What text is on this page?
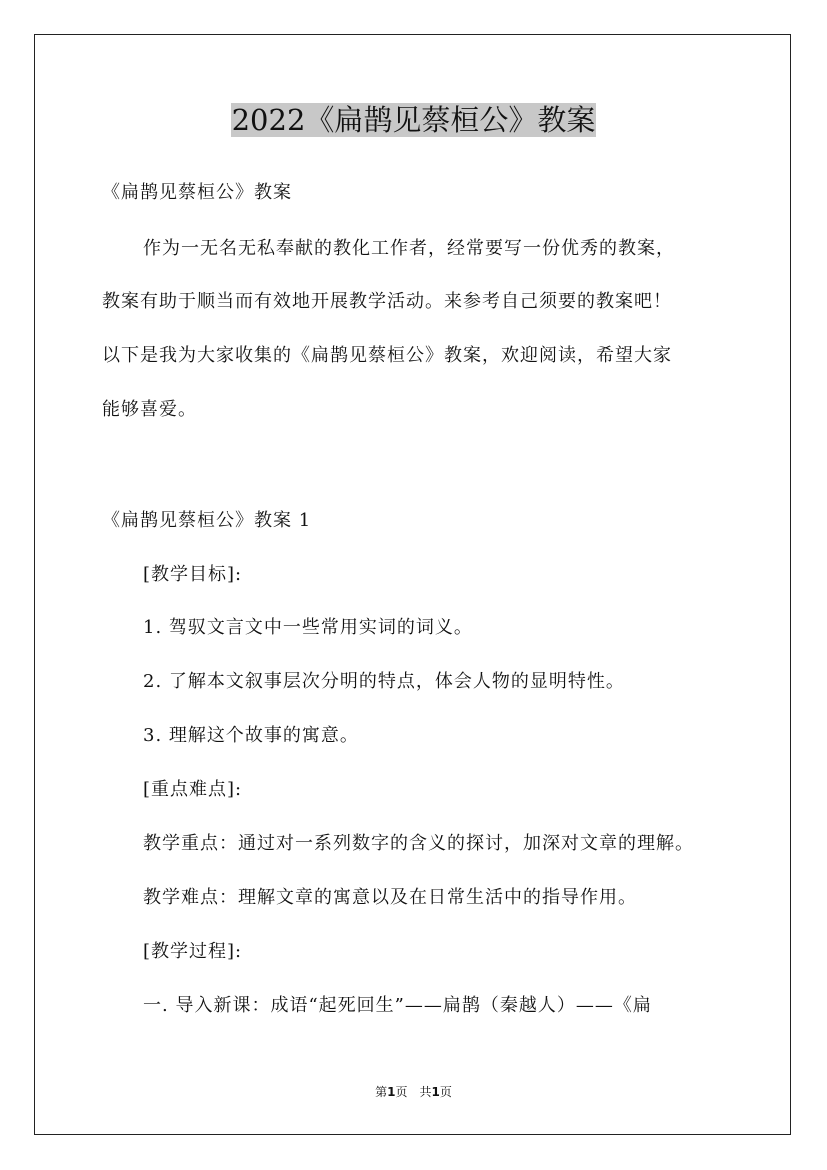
2022《扁鹊见蔡桓公》教案
《扁鹊见蔡桓公》教案
作为一无名无私奉献的教化工作者，经常要写一份优秀的教案，
教案有助于顺当而有效地开展教学活动。来参考自己须要的教案吧！
以下是我为大家收集的《扁鹊见蔡桓公》教案，欢迎阅读，希望大家
能够喜爱。
《扁鹊见蔡桓公》教案 1
[教学目标]:
1. 驾驭文言文中一些常用实词的词义。
2. 了解本文叙事层次分明的特点，体会人物的显明特性。
3. 理解这个故事的寓意。
[重点难点]:
教学重点：通过对一系列数字的含义的探讨，加深对文章的理解。
教学难点：理解文章的寓意以及在日常生活中的指导作用。
[教学过程]:
一. 导入新课：成语“起死回生”——扁鹊（秦越人）——《扁
第1页　共1页
